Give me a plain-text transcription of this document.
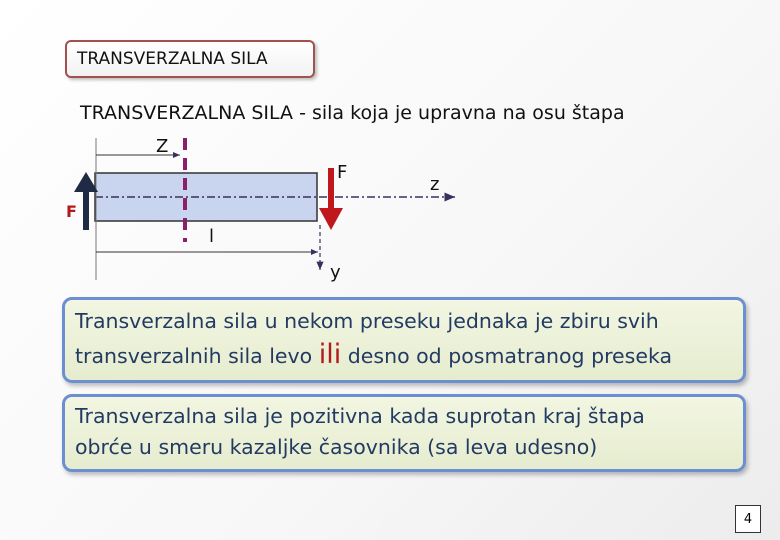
TRANSVERZALNA SILA
TRANSVERZALNA SILA - sila koja je upravna na osu štapa
Z
F
F
z
l
y
Transverzalna sila u nekom preseku jednaka je zbiru svih
transverzalnih sila levo ili desno od posmatranog preseka
Transverzalna sila je pozitivna kada suprotan kraj štapa
obrće u smeru kazaljke časovnika (sa leva udesno)
4
